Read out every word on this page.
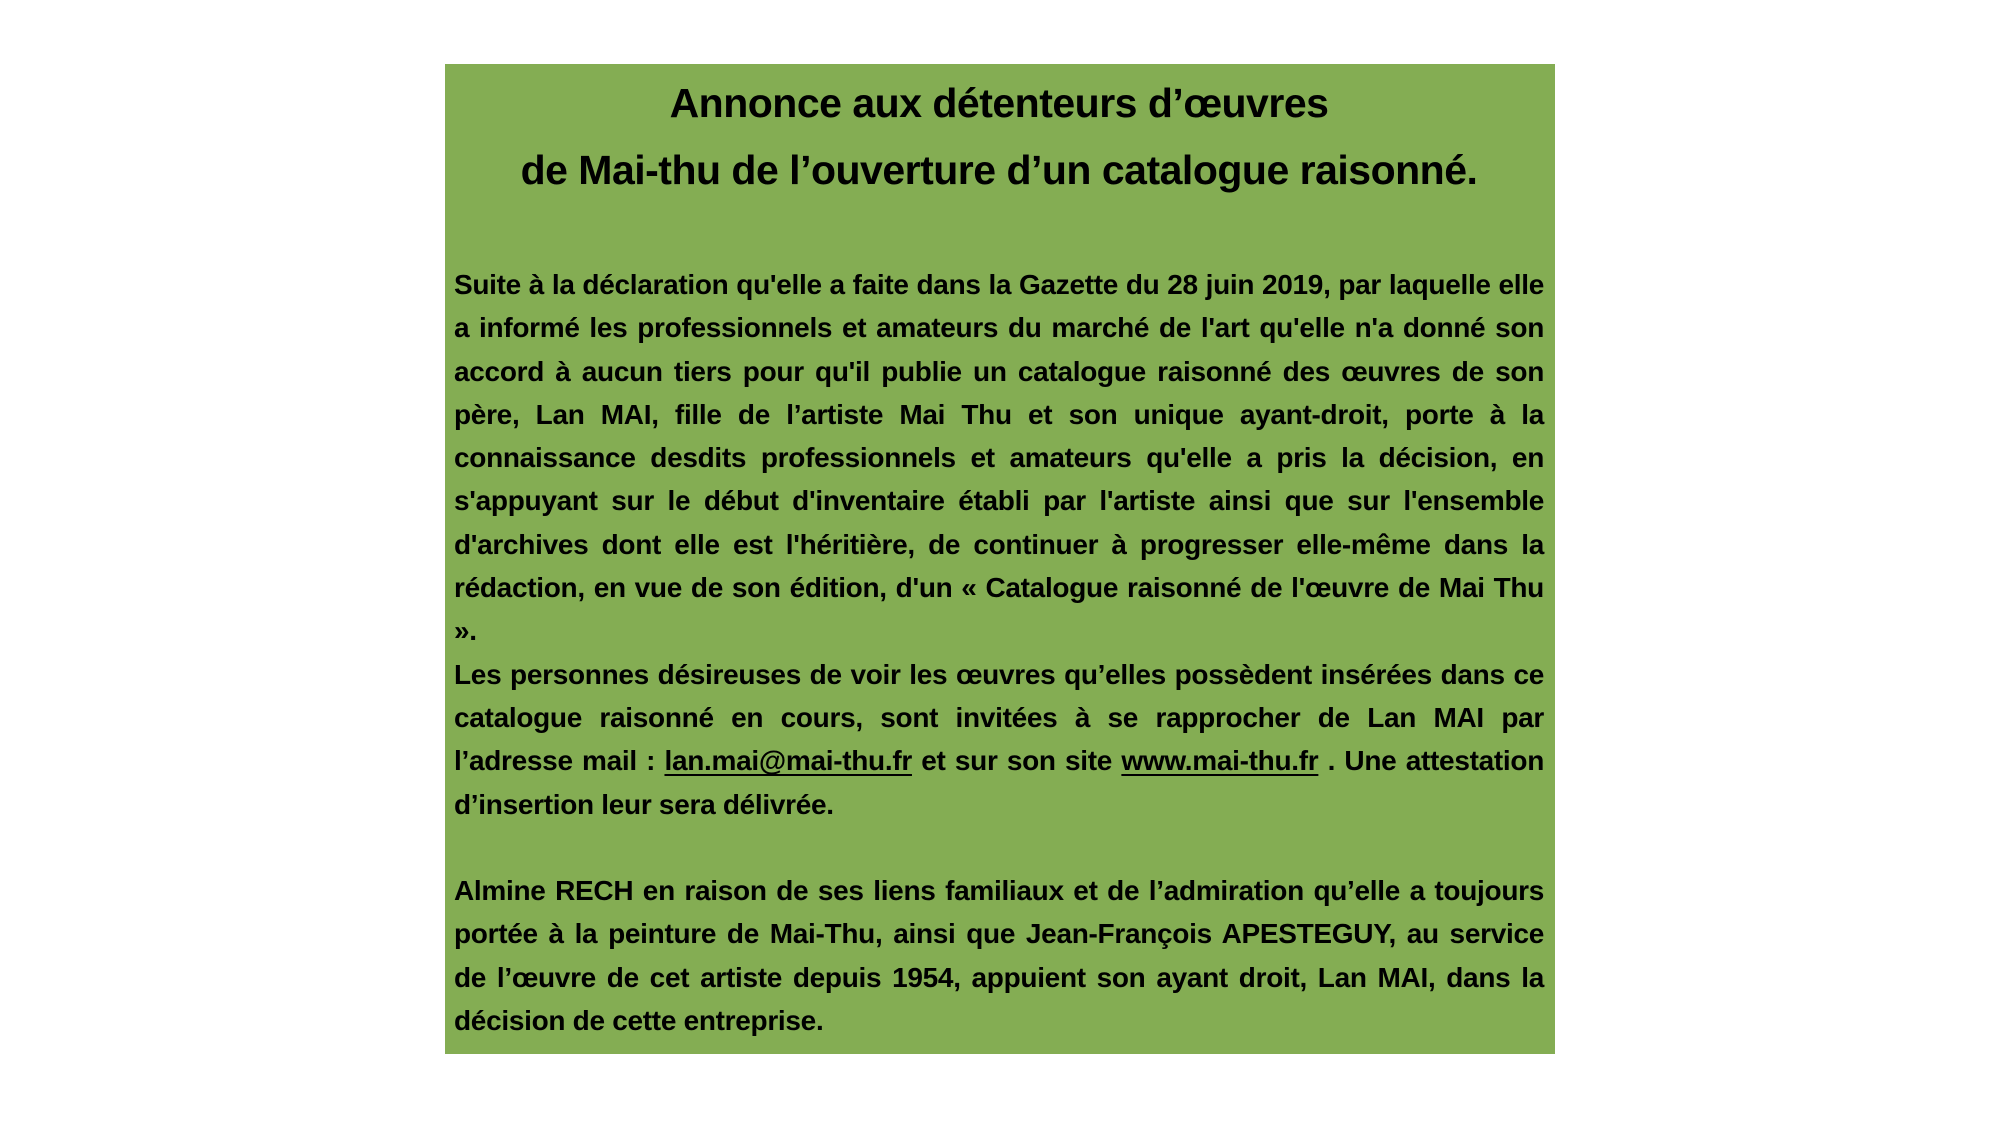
Annonce aux détenteurs d’œuvres
de Mai-thu de l’ouverture d’un catalogue raisonné.

Suite à la déclaration qu'elle a faite dans la Gazette du 28 juin 2019, par laquelle elle a informé les professionnels et amateurs du marché de l'art qu'elle n'a donné son accord à aucun tiers pour qu'il publie un catalogue raisonné des œuvres de son père, Lan MAI, fille de l’artiste Mai Thu et son unique ayant-droit, porte à la connaissance desdits professionnels et amateurs qu'elle a pris la décision, en s'appuyant sur le début d'inventaire établi par l'artiste ainsi que sur l'ensemble d'archives dont elle est l'héritière, de continuer à progresser elle-même dans la rédaction, en vue de son édition, d'un « Catalogue raisonné de l'œuvre de Mai Thu ».

Les personnes désireuses de voir les œuvres qu’elles possèdent insérées dans ce catalogue raisonné en cours, sont invitées à se rapprocher de Lan MAI par l’adresse mail : lan.mai@mai-thu.fr et sur son site www.mai-thu.fr . Une attestation d’insertion leur sera délivrée.

Almine RECH en raison de ses liens familiaux et de l’admiration qu’elle a toujours portée à la peinture de Mai-Thu, ainsi que Jean-François APESTEGUY, au service de l’œuvre de cet artiste depuis 1954, appuient son ayant droit, Lan MAI, dans la décision de cette entreprise.
